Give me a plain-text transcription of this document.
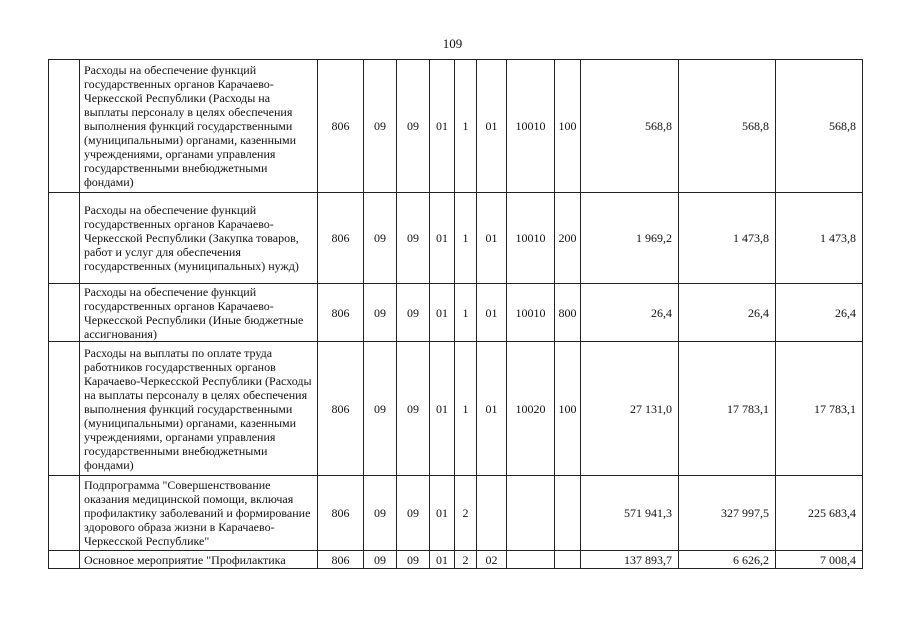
109
	Расходы на обеспечение функций государственных органов Карачаево-Черкесской Республики (Расходы на выплаты персоналу в целях обеспечения выполнения функций государственными (муниципальными) органами, казенными учреждениями, органами управления государственными внебюджетными фондами)	806	09	09	01	1	01	10010	100	568,8	568,8	568,8
	Расходы на обеспечение функций государственных органов Карачаево-Черкесской Республики (Закупка товаров, работ и услуг для обеспечения государственных (муниципальных) нужд)	806	09	09	01	1	01	10010	200	1 969,2	1 473,8	1 473,8
	Расходы на обеспечение функций государственных органов Карачаево-Черкесской Республики (Иные бюджетные ассигнования)	806	09	09	01	1	01	10010	800	26,4	26,4	26,4
	Расходы на выплаты по оплате труда работников государственных органов Карачаево-Черкесской Республики (Расходы на выплаты персоналу в целях обеспечения выполнения функций государственными (муниципальными) органами, казенными учреждениями, органами управления государственными внебюджетными фондами)	806	09	09	01	1	01	10020	100	27 131,0	17 783,1	17 783,1
	Подпрограмма "Совершенствование оказания медицинской помощи, включая профилактику заболеваний и формирование здорового образа жизни в Карачаево-Черкесской Республике"	806	09	09	01	2				571 941,3	327 997,5	225 683,4
	Основное мероприятие "Профилактика	806	09	09	01	2	02			137 893,7	6 626,2	7 008,4
